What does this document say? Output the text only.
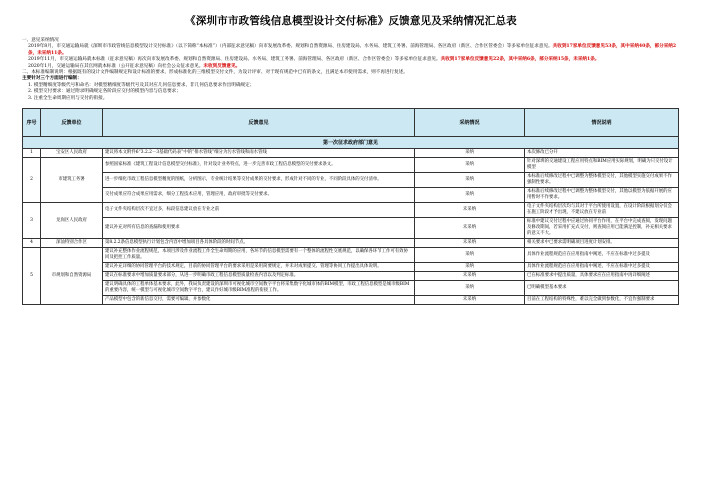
《深圳市市政管线信息模型设计交付标准》反馈意见及采纳情况汇总表

一、意见采纳情况

2019年8月，市交通运输局就《深圳市市政管线信息模型设计交付标准》（以下简称“本标准”）（内部征求意见稿）向市发展改革委、规划和自然资源局、住房建设局、水务局、建筑工务署、前海管理局、各区政府（新区、合作区管委会）等多家单位征求意见。共收到17家单位反馈意见53条，其中采纳40条，部分采纳2条，未采纳11条。

2019年11月，市交通运输局就本标准（征求意见稿）再次向市发展改革委、规划和自然资源局、住房建设局、水务局、建筑工务署、前海管理局、各区政府（新区、合作区管委会）等多家单位征求意见。共收到17家单位反馈意见22条，其中采纳6条，部分采纳15条，未采纳1条。

2020年1月，交通运输局在其官网就本标准（公开征求意见稿）向社会公众征求意见。未收到反馈意见。

二、本标准编制说明：根据既有的设计文件编制规定和设计标准的要求，形成标准化的三维模型交付文件，为设计评审、对于现有规范中已有的条文，且满足本市使用需求，则不再进行复述。

主要针对三个方面进行编制：

1. 模型精细度等级代号和命名：对模型精细度等级代号及其对应几何信息要求、非几何信息要求作出明确规定；

2. 模型交付要求：通过附录明确规定各阶段应交付的模型内容与信息要求；

3. 注重全生命周期应用与交付的衔接。

序号	反馈单位	反馈意见	采纳情况	情况说明
第一次征求政府部门意见				
1	宝安区人民政府	建议将本文附件6“3.2.2－3基础代码表”中的“排水管线”细分为污水管线和雨水管线	采纳	本次修改已分开
2	市建筑工务署	参照国家标准《建筑工程设计信息模型交付标准》，针对设计业务特点，进一步完善市政工程信息模型的交付要求条文。	采纳	针对深圳的交通建设工程应用特点和BIM应用实际规划，明确为只交付设计模型
		进一步细化市政工程信息模型精度的图纸，分析图示，专业统计结果等交付成果的交付要求，形成针对不同的专业，不同阶段具体的交付清单。	采纳	本标准后续修改过程中已调整为整体模型交付，其他模型实施交付成果不作强制性要求。
		交付成果应符合成果应用需求，细分工程技术应用，管理应用，政府审批等交付要求。	采纳	本标准后续修改过程中已调整为整体模型交付，其他以模型为依据开展的应用暂时不作要求。
3	龙岗区人民政府	电子文件夹结构层次不宜过多，标段信息建议放在专业之前	未采纳	电子文件夹结构层次均与其对于平台所使用设置，在设计阶段根据划分仅会在施工阶段才予出现，不建议放在专业前
		建议补充对所有信息的查漏和使用要求	未采纳	标准中建议交付过程中应通过协同平台作用，在平台中完成查阅，发现问题及修改期间，若采用扩充式交付，则查阅应用已能满足控制，补充相关要求的意义不大。
4	深汕特别合作区	第8.2.2条信息模型执行计划包含内容中增加项目各具体阶段的时间节点。	未采纳	相关要求中已要求需明确项目进度计划安排。
5	市规划和自然资源局	建议补充整体作业流程规范，本项目涉及作业流程工作全生命周期的应用，各环节的信息模型需要有一个整体的流程性交底规范，以确保各环节工作可有效协同及把控工作质量。	采纳	具体作业流程规范应在应用指南中阐述，不应在标准中过多提及
		建议补充详细的协同管理平台的技术规定，目前的协同管理平台的要求采用是采用简要规定，并未对成果提交、管理等协同工作提出具体说明。	采纳	具体作业流程规范应在应用指南中阐述，不应在标准中过多提及
		建议在标准要求中增加质量要求部分，从进一步明确市政工程信息模型质量检查内容以及判定标准。	未采纳	已在标准要求中提出质量，具体要求应在应用指南中再详细阐述
		建议明确具体的工程单体基本要求，此外，我局负责建设的深圳市可视化城市空间数字平台将采集数字化城市体的BIM模型，市政工程信息模型是城市级BIM的重要内容，统一模型与可视化城市空间数字平台，建议作好城市级BIM准程的衔接工作。	采纳	已明确模型基本要求
		产品模型中包含的新信息交付，需要可编辑，并参数化	未采纳	目前在工程结构的特殊性，难以完全做到参数化，不宜作强制要求
